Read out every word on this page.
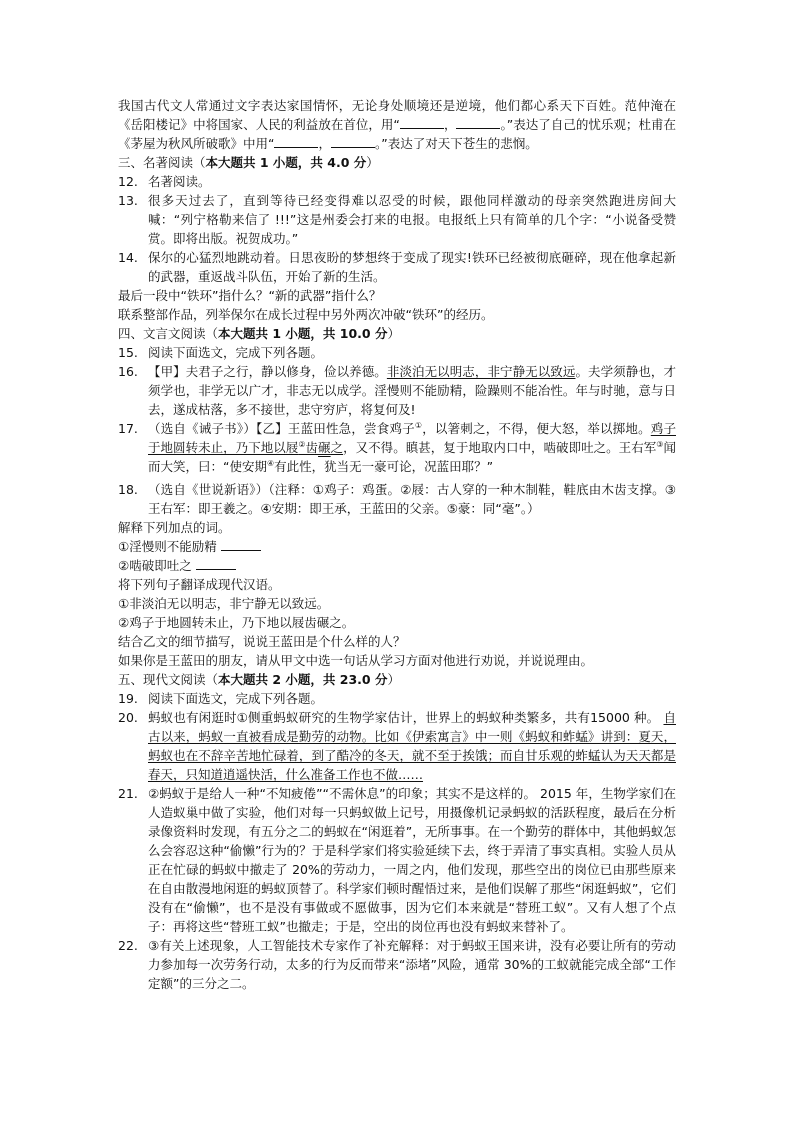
我国古代文人常通过文字表达家国情怀，无论身处顺境还是逆境，他们都心系天下百姓。范仲淹在《岳阳楼记》中将国家、人民的利益放在首位，用“	，	。”表达了自己的忧乐观；杜甫在《茅屋为秋风所破歌》中用“	，	。”表达了对天下苍生的悲悯。

三、名著阅读（本大题共 1 小题，共 4.0 分）

12. 名著阅读。
13. 很多天过去了，直到等待已经变得难以忍受的时候，跟他同样激动的母亲突然跑进房间大喊：“列宁格勒来信了 !!!”这是州委会打来的电报。电报纸上只有简单的几个字：“小说备受赞赏。即将出版。祝贺成功。”
14. 保尔的心猛烈地跳动着。日思夜盼的梦想终于变成了现实!铁环已经被彻底砸碎，现在他拿起新的武器，重返战斗队伍，开始了新的生活。

最后一段中“铁环”指什么？“新的武器”指什么？

联系整部作品，列举保尔在成长过程中另外两次冲破“铁环”的经历。

四、文言文阅读（本大题共 1 小题，共 10.0 分）

15. 阅读下面选文，完成下列各题。
16. 【甲】夫君子之行，静以修身，俭以养德。非淡泊无以明志，非宁静无以致远。夫学须静也，才须学也，非学无以广才，非志无以成学。淫慢则不能励精，险躁则不能冶性。年与时驰，意与日去，遂成枯落，多不接世，悲守穷庐，将复何及!
17. （选自《诫子书》）【乙】王蓝田性急，尝食鸡子①，以箸刺之，不得，便大怒，举以掷地。鸡子于地圆转未止，乃下地以屐②齿碾之，又不得。瞋甚，复于地取内口中，啮破即吐之。王右军③闻而大笑，曰：“使安期④有此性，犹当无一豪可论，况蓝田耶？”
18. （选自《世说新语》）（注释：①鸡子：鸡蛋。②屐：古人穿的一种木制鞋，鞋底由木齿支撑。③王右军：即王羲之。④安期：即王承，王蓝田的父亲。⑤豪：同“毫”。）

解释下列加点的词。

①淫慢则不能励精

②啮破即吐之

将下列句子翻译成现代汉语。

①非淡泊无以明志，非宁静无以致远。

②鸡子于地圆转未止，乃下地以屐齿碾之。

结合乙文的细节描写，说说王蓝田是个什么样的人？

如果你是王蓝田的朋友，请从甲文中选一句话从学习方面对他进行劝说，并说说理由。

五、现代文阅读（本大题共 2 小题，共 23.0 分）

19. 阅读下面选文，完成下列各题。
20. 蚂蚁也有闲逛时①侧重蚂蚁研究的生物学家估计，世界上的蚂蚁种类繁多，共有15000 种。 自古以来，蚂蚁一直被看成是勤劳的动物。比如《伊索寓言》中一则《蚂蚁和蚱蜢》讲到：夏天，蚂蚁也在不辞辛苦地忙碌着，到了酷冷的冬天，就不至于挨饿；而自甘乐观的蚱蜢认为天天都是春天，只知道逍遥快活，什么准备工作也不做……
21. ②蚂蚁于是给人一种“不知疲倦”“不需休息”的印象；其实不是这样的。 2015 年，生物学家们在人造蚁巢中做了实验，他们对每一只蚂蚁做上记号，用摄像机记录蚂蚁的活跃程度，最后在分析录像资料时发现，有五分之二的蚂蚁在“闲逛着”，无所事事。在一个勤劳的群体中，其他蚂蚁怎么会容忍这种“偷懒”行为的？于是科学家们将实验延续下去，终于弄清了事实真相。实验人员从正在忙碌的蚂蚁中撤走了 20%的劳动力，一周之内，他们发现，那些空出的岗位已由那些原来在自由散漫地闲逛的蚂蚁顶替了。科学家们顿时醒悟过来，是他们误解了那些“闲逛蚂蚁”，它们没有在“偷懒”，也不是没有事做或不愿做事，因为它们本来就是“替班工蚁”。又有人想了个点子：再将这些“替班工蚁”也撤走；于是，空出的岗位再也没有蚂蚁来替补了。
22. ③有关上述现象，人工智能技术专家作了补充解释：对于蚂蚁王国来讲，没有必要让所有的劳动力参加每一次劳务行动，太多的行为反而带来“添堵”风险，通常 30%的工蚁就能完成全部“工作定额”的三分之二。
